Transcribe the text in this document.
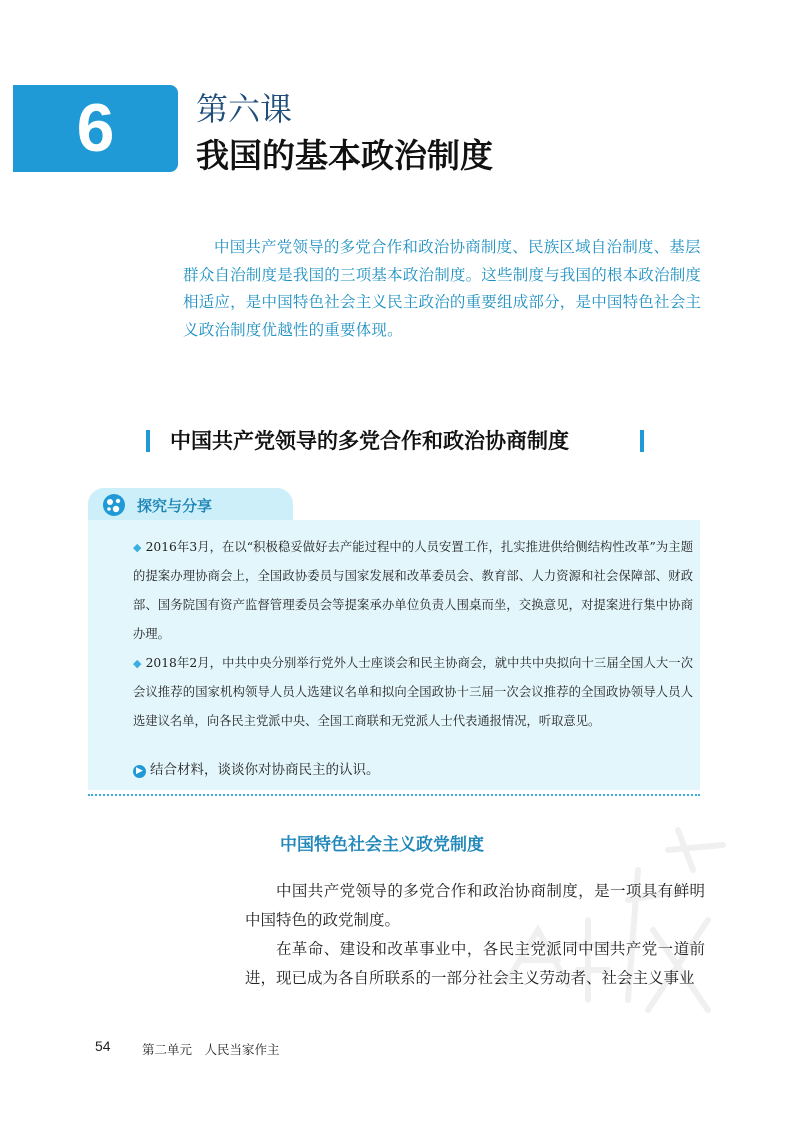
6	第六课
我国的基本政治制度

中国共产党领导的多党合作和政治协商制度、民族区域自治制度、基层群众自治制度是我国的三项基本政治制度。这些制度与我国的根本政治制度相适应，是中国特色社会主义民主政治的重要组成部分，是中国特色社会主义政治制度优越性的重要体现。

中国共产党领导的多党合作和政治协商制度
探究与分享

◆ 2016年3月，在以“积极稳妥做好去产能过程中的人员安置工作，扎实推进供给侧结构性改革”为主题的提案办理协商会上，全国政协委员与国家发展和改革委员会、教育部、人力资源和社会保障部、财政部、国务院国有资产监督管理委员会等提案承办单位负责人围桌而坐，交换意见，对提案进行集中协商办理。

◆ 2018年2月，中共中央分别举行党外人士座谈会和民主协商会，就中共中央拟向十三届全国人大一次会议推荐的国家机构领导人员人选建议名单和拟向全国政协十三届一次会议推荐的全国政协领导人员人选建议名单，向各民主党派中央、全国工商联和无党派人士代表通报情况，听取意见。

▶ 结合材料，谈谈你对协商民主的认识。
中国特色社会主义政党制度

中国共产党领导的多党合作和政治协商制度，是一项具有鲜明中国特色的政党制度。

在革命、建设和改革事业中，各民主党派同中国共产党一道前进，现已成为各自所联系的一部分社会主义劳动者、社会主义事业

54	第二单元　人民当家作主
